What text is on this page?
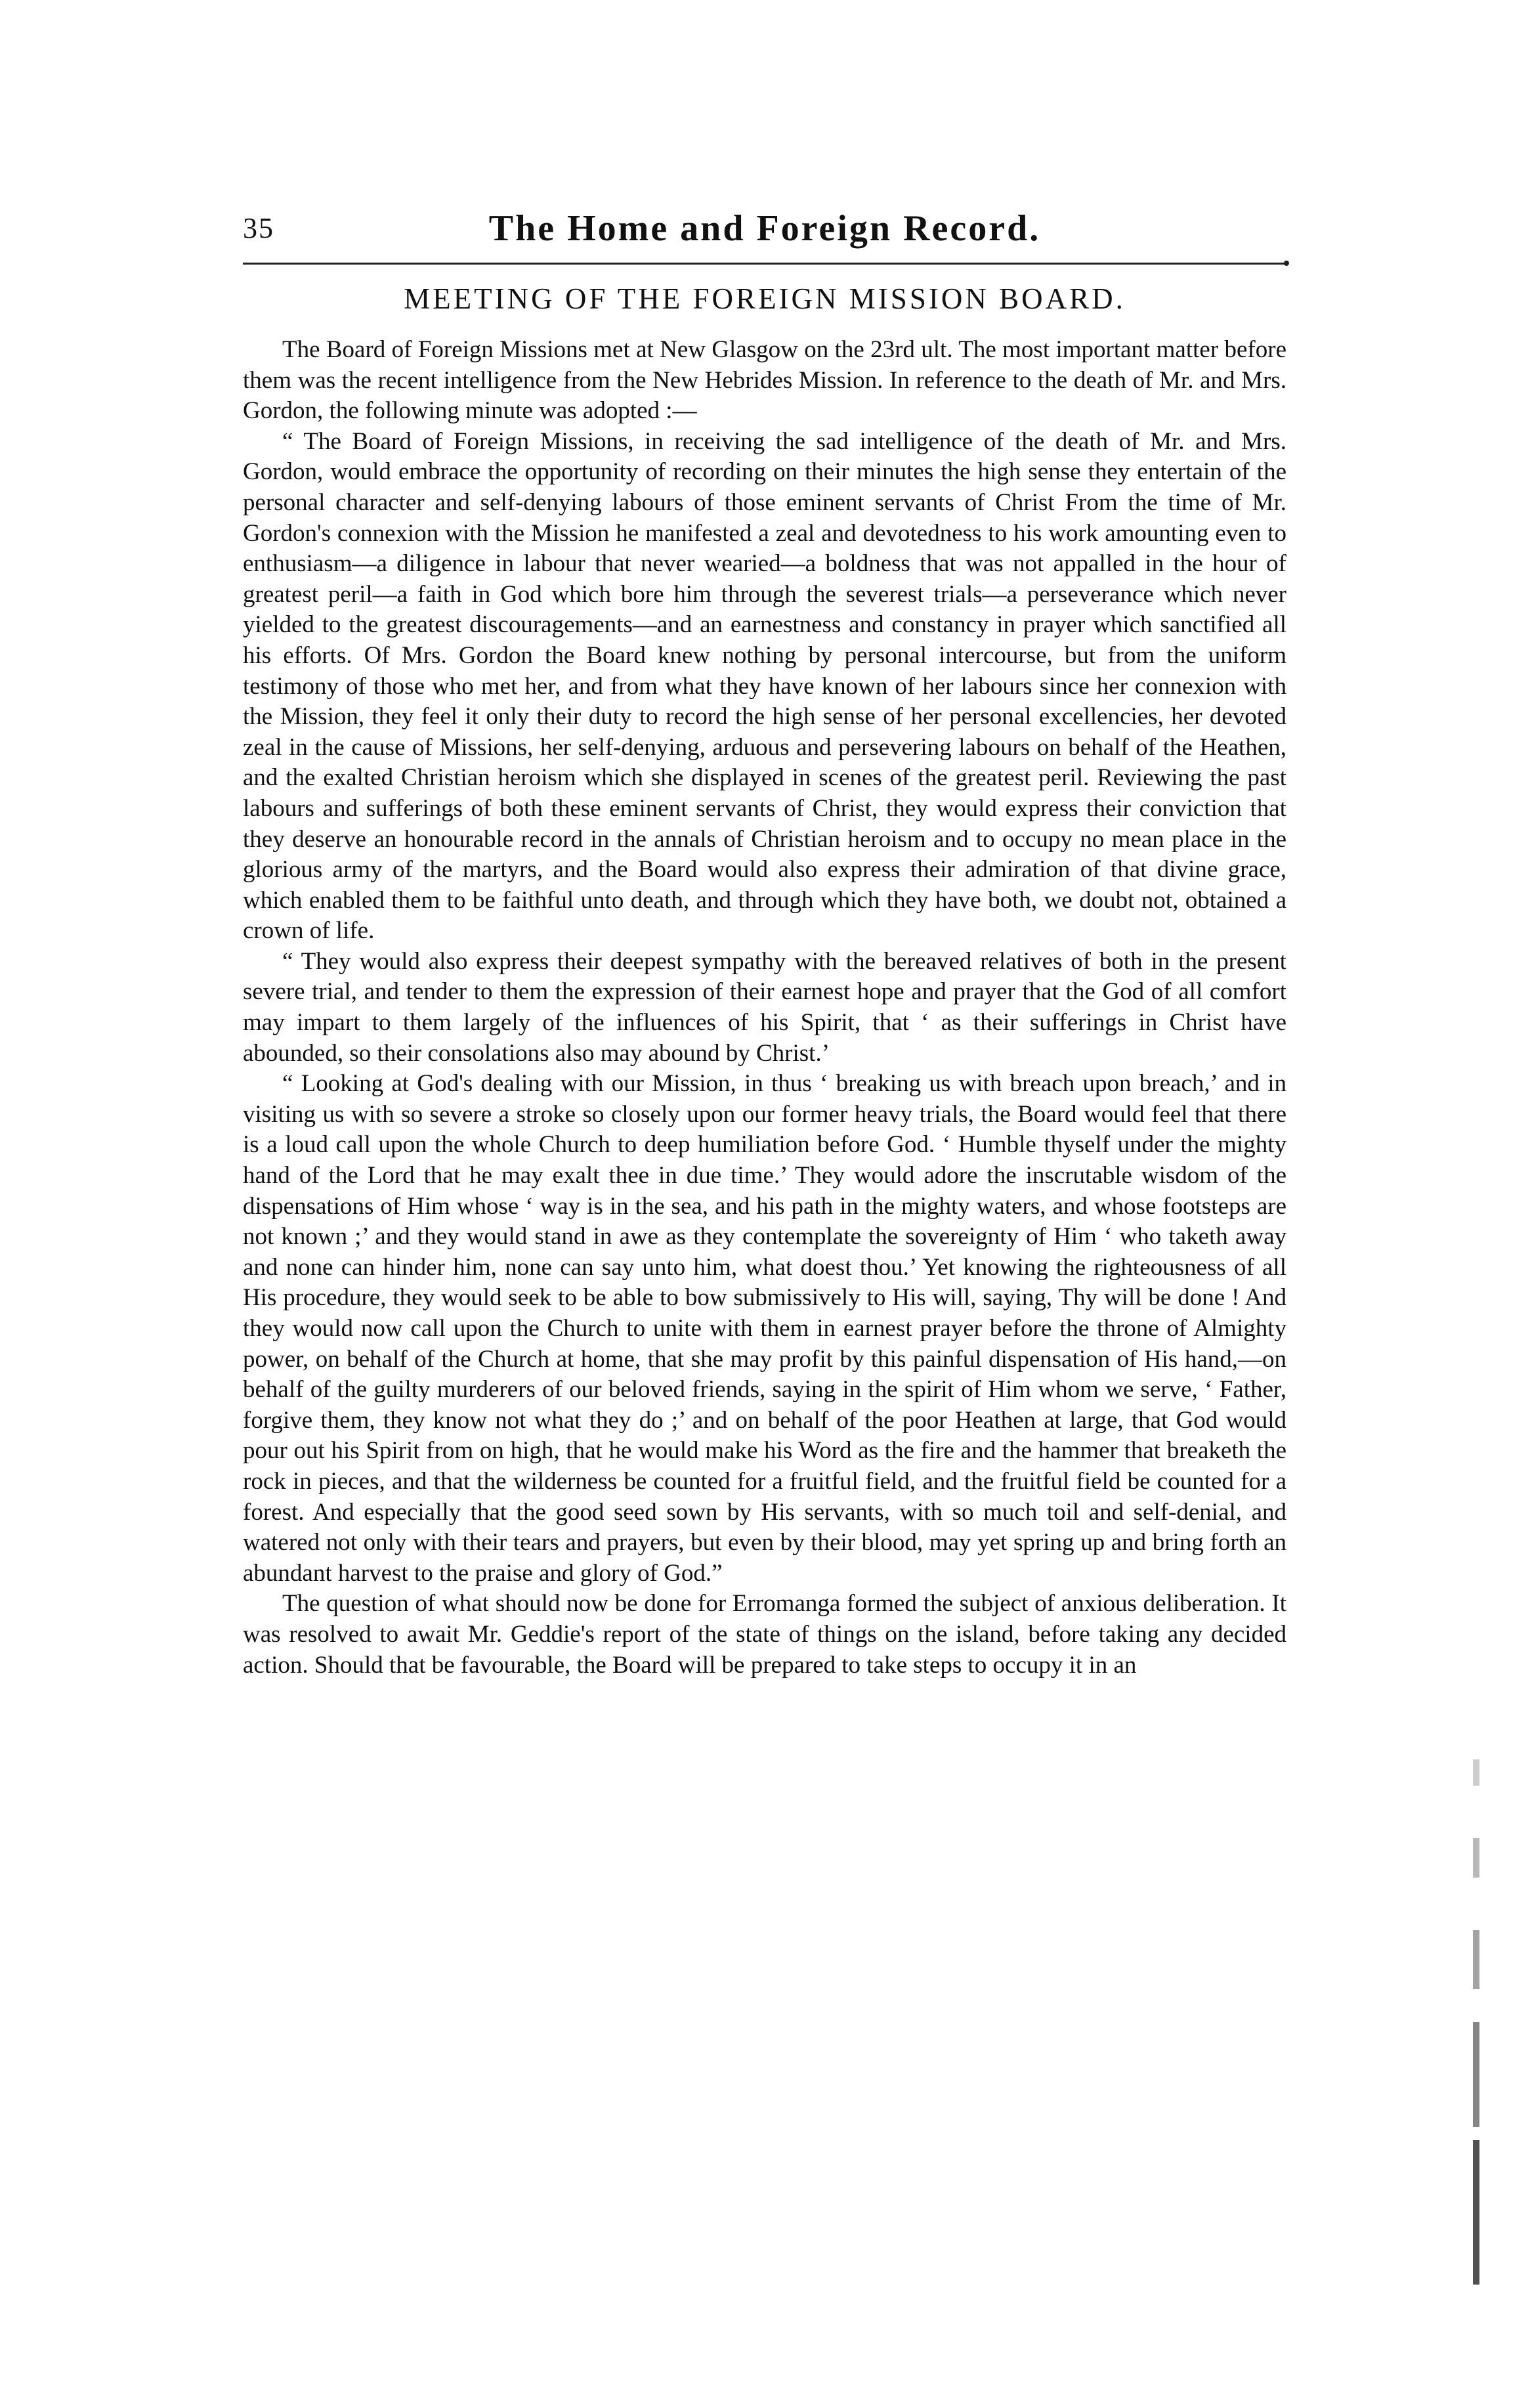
35	The Home and Foreign Record.
MEETING OF THE FOREIGN MISSION BOARD.

The Board of Foreign Missions met at New Glasgow on the 23rd ult. The most important matter before them was the recent intelligence from the New Hebrides Mission. In reference to the death of Mr. and Mrs. Gordon, the following minute was adopted :—

“ The Board of Foreign Missions, in receiving the sad intelligence of the death of Mr. and Mrs. Gordon, would embrace the opportunity of recording on their minutes the high sense they entertain of the personal character and self-denying labours of those eminent servants of Christ From the time of Mr. Gordon's connexion with the Mission he manifested a zeal and devotedness to his work amounting even to enthusiasm—a diligence in labour that never wearied—a boldness that was not appalled in the hour of greatest peril—a faith in God which bore him through the severest trials—a perseverance which never yielded to the greatest discouragements—and an earnestness and constancy in prayer which sanctified all his efforts. Of Mrs. Gordon the Board knew nothing by personal intercourse, but from the uniform testimony of those who met her, and from what they have known of her labours since her connexion with the Mission, they feel it only their duty to record the high sense of her personal excellencies, her devoted zeal in the cause of Missions, her self-denying, arduous and persevering labours on behalf of the Heathen, and the exalted Christian heroism which she displayed in scenes of the greatest peril. Reviewing the past labours and sufferings of both these eminent servants of Christ, they would express their conviction that they deserve an honourable record in the annals of Christian heroism and to occupy no mean place in the glorious army of the martyrs, and the Board would also express their admiration of that divine grace, which enabled them to be faithful unto death, and through which they have both, we doubt not, obtained a crown of life.

“ They would also express their deepest sympathy with the bereaved relatives of both in the present severe trial, and tender to them the expression of their earnest hope and prayer that the God of all comfort may impart to them largely of the influences of his Spirit, that ‘ as their sufferings in Christ have abounded, so their consolations also may abound by Christ.’

“ Looking at God's dealing with our Mission, in thus ‘ breaking us with breach upon breach,’ and in visiting us with so severe a stroke so closely upon our former heavy trials, the Board would feel that there is a loud call upon the whole Church to deep humiliation before God. ‘ Humble thyself under the mighty hand of the Lord that he may exalt thee in due time.’ They would adore the inscrutable wisdom of the dispensations of Him whose ‘ way is in the sea, and his path in the mighty waters, and whose footsteps are not known ;’ and they would stand in awe as they contemplate the sovereignty of Him ‘ who taketh away and none can hinder him, none can say unto him, what doest thou.’ Yet knowing the righteousness of all His procedure, they would seek to be able to bow submissively to His will, saying, Thy will be done ! And they would now call upon the Church to unite with them in earnest prayer before the throne of Almighty power, on behalf of the Church at home, that she may profit by this painful dispensation of His hand,—on behalf of the guilty murderers of our beloved friends, saying in the spirit of Him whom we serve, ‘ Father, forgive them, they know not what they do ;’ and on behalf of the poor Heathen at large, that God would pour out his Spirit from on high, that he would make his Word as the fire and the hammer that breaketh the rock in pieces, and that the wilderness be counted for a fruitful field, and the fruitful field be counted for a forest. And especially that the good seed sown by His servants, with so much toil and self-denial, and watered not only with their tears and prayers, but even by their blood, may yet spring up and bring forth an abundant harvest to the praise and glory of God.”

The question of what should now be done for Erromanga formed the subject of anxious deliberation. It was resolved to await Mr. Geddie's report of the state of things on the island, before taking any decided action. Should that be favourable, the Board will be prepared to take steps to occupy it in an
